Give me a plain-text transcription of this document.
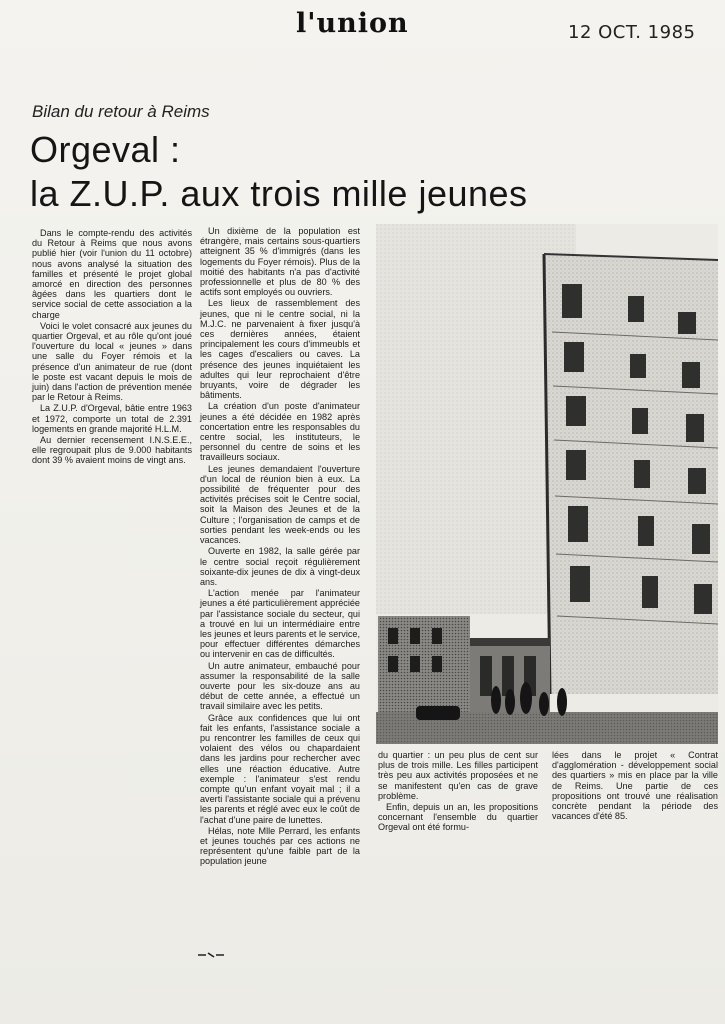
l'union	12 OCT. 1985
Bilan du retour à Reims
Orgeval :
la Z.U.P. aux trois mille jeunes

Dans le compte-rendu des activités du Retour à Reims que nous avons publié hier (voir l'union du 11 octobre) nous avons analysé la situation des familles et présenté le projet global amorcé en direction des personnes âgées dans les quartiers dont le service social de cette association a la charge

Voici le volet consacré aux jeunes du quartier Orgeval, et au rôle qu'ont joué l'ouverture du local « jeunes » dans une salle du Foyer rémois et la présence d'un animateur de rue (dont le poste est vacant depuis le mois de juin) dans l'action de prévention menée par le Retour à Reims.

La Z.U.P. d'Orgeval, bâtie entre 1963 et 1972, comporte un total de 2.391 logements en grande majorité H.L.M.

Au dernier recensement I.N.S.E.E., elle regroupait plus de 9.000 habitants dont 39 % avaient moins de vingt ans.

Un dixième de la population est étrangère, mais certains sous-quartiers atteignent 35 % d'immigrés (dans les logements du Foyer rémois). Plus de la moitié des habitants n'a pas d'activité professionnelle et plus de 80 % des actifs sont employés ou ouvriers.

Les lieux de rassemblement des jeunes, que ni le centre social, ni la M.J.C. ne parvenaient à fixer jusqu'à ces dernières années, étaient principalement les cours d'immeubls et les cages d'escaliers ou caves. La présence des jeunes inquiétaient les adultes qui leur reprochaient d'être bruyants, voire de dégrader les bâtiments.

La création d'un poste d'animateur jeunes a été décidée en 1982 après concertation entre les responsables du centre social, les instituteurs, le personnel du centre de soins et les travailleurs sociaux.

Les jeunes demandaient l'ouverture d'un local de réunion bien à eux. La possibilité de fréquenter pour des activités précises soit le Centre social, soit la Maison des Jeunes et de la Culture ; l'organisation de camps et de sorties pendant les week-ends ou les vacances.

Ouverte en 1982, la salle gérée par le centre social reçoit régulièrement soixante-dix jeunes de dix à vingt-deux ans.

L'action menée par l'animateur jeunes a été particulièrement appréciée par l'assistance sociale du secteur, qui a trouvé en lui un intermédiaire entre les jeunes et leurs parents et le service, pour effectuer différentes démarches ou intervenir en cas de difficultés.

Un autre animateur, embauché pour assumer la responsabilité de la salle ouverte pour les six-douze ans au début de cette année, a effectué un travail similaire avec les petits.

Grâce aux confidences que lui ont fait les enfants, l'assistance sociale a pu rencontrer les familles de ceux qui volaient des vélos ou chapardaient dans les jardins pour rechercher avec elles une réaction éducative. Autre exemple : l'animateur s'est rendu compte qu'un enfant voyait mal ; il a averti l'assistante sociale qui a prévenu les parents et réglé avec eux le coût de l'achat d'une paire de lunettes.

Hélas, note Mlle Perrard, les enfants et jeunes touchés par ces actions ne représentent qu'une faible part de la population jeune

du quartier : un peu plus de cent sur plus de trois mille. Les filles participent très peu aux activités proposées et ne se manifestent qu'en cas de grave problème.

Enfin, depuis un an, les propositions concernant l'ensemble du quartier Orgeval ont été formu-

lées dans le projet « Contrat d'agglomération - développement social des quartiers » mis en place par la ville de Reims. Une partie de ces propositions ont trouvé une réalisation concrète pendant la période des vacances d'été 85.
